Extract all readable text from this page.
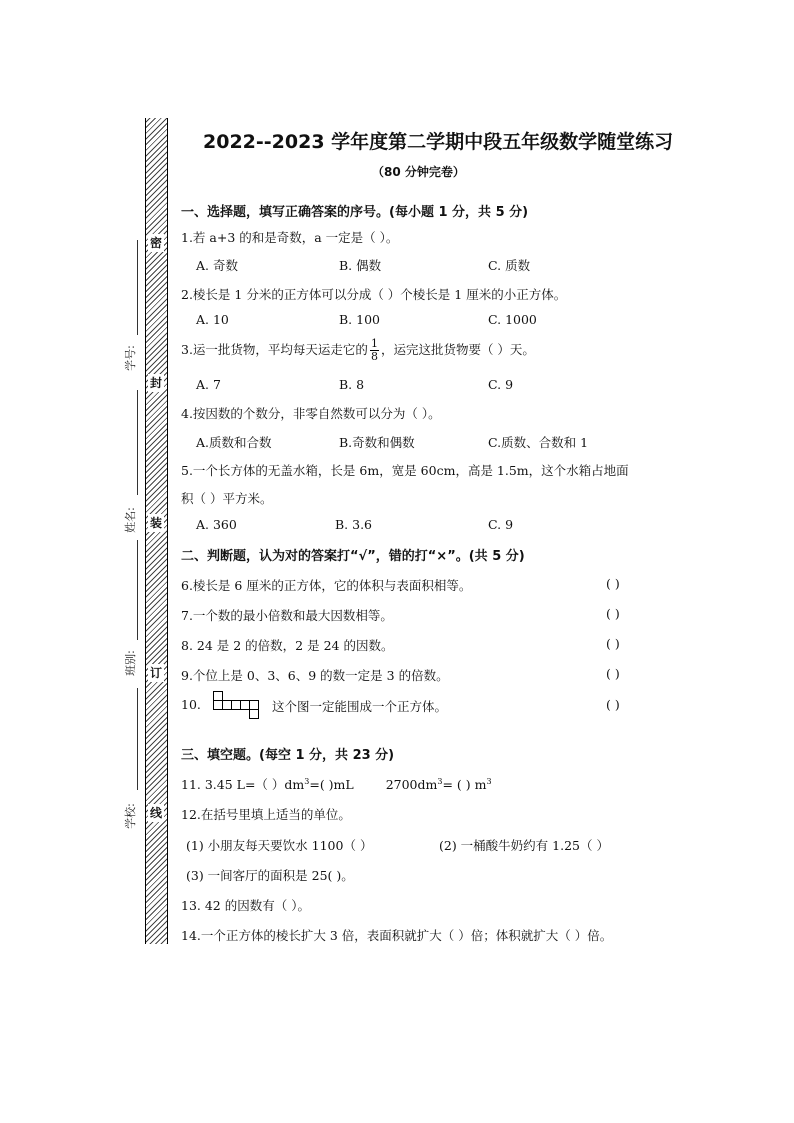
密
封
装
订
线
学号:
姓名:
班别:
学校:
2022--2023 学年度第二学期中段五年级数学随堂练习
（80 分钟完卷）
一、选择题，填写正确答案的序号。(每小题 1 分，共 5 分)
1.若 a+3 的和是奇数，a 一定是（ ）。
A. 奇数	B. 偶数	C. 质数
2.棱长是 1 分米的正方体可以分成（ ）个棱长是 1 厘米的小正方体。
A. 10	B. 100	C. 1000
3.运一批货物，平均每天运走它的 $\frac{1}{8}$ ，运完这批货物要（ ）天。
A. 7	B. 8	C. 9
4.按因数的个数分，非零自然数可以分为（ ）。
A.质数和合数	B.奇数和偶数	C.质数、合数和 1
5.一个长方体的无盖水箱，长是 6m，宽是 60cm，高是 1.5m，这个水箱占地面
积（ ）平方米。
A. 360	B. 3.6	C. 9
二、判断题，认为对的答案打“√”，错的打“×”。(共 5 分)
6.棱长是 6 厘米的正方体，它的体积与表面积相等。	( )
7.一个数的最小倍数和最大因数相等。	( )
8. 24 是 2 的倍数，2 是 24 的因数。	( )
9.个位上是 0、3、6、9 的数一定是 3 的倍数。	( )
10.	这个图一定能围成一个正方体。	( )
三、填空题。(每空 1 分，共 23 分)
11. 3.45 L=（ ）$dm^3=$( )mL	$2700dm^3=$ ( ) $m^3$
12.在括号里填上适当的单位。
(1) 小朋友每天要饮水 1100（ ）	(2) 一桶酸牛奶约有 1.25（ ）
(3) 一间客厅的面积是 25( )。
13. 42 的因数有（ ）。
14.一个正方体的棱长扩大 3 倍，表面积就扩大（ ）倍；体积就扩大（ ）倍。
